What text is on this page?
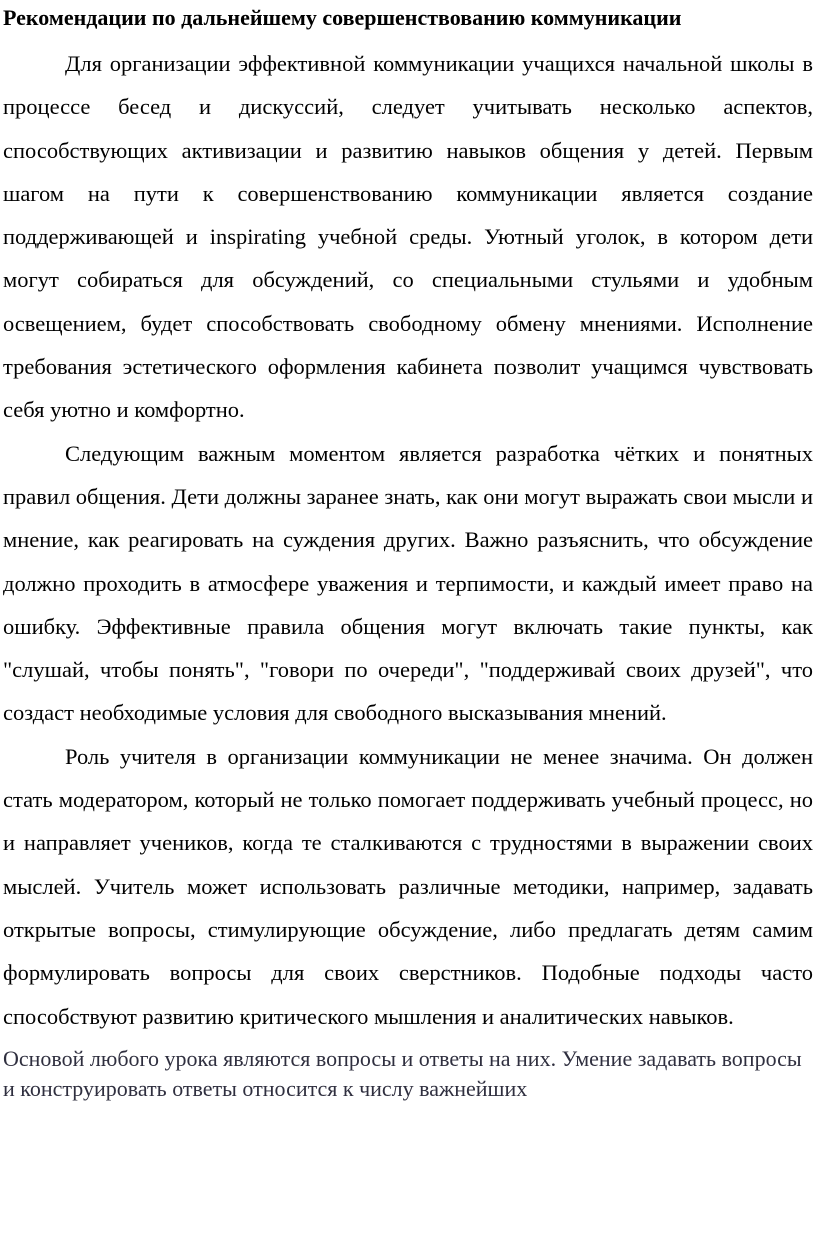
Рекомендации по дальнейшему совершенствованию коммуникации

Для организации эффективной коммуникации учащихся начальной школы в процессе бесед и дискуссий, следует учитывать несколько аспектов, способствующих активизации и развитию навыков общения у детей. Первым шагом на пути к совершенствованию коммуникации является создание поддерживающей и inspirating учебной среды. Уютный уголок, в котором дети могут собираться для обсуждений, со специальными стульями и удобным освещением, будет способствовать свободному обмену мнениями. Исполнение требования эстетического оформления кабинета позволит учащимся чувствовать себя уютно и комфортно.

Следующим важным моментом является разработка чётких и понятных правил общения. Дети должны заранее знать, как они могут выражать свои мысли и мнение, как реагировать на суждения других. Важно разъяснить, что обсуждение должно проходить в атмосфере уважения и терпимости, и каждый имеет право на ошибку. Эффективные правила общения могут включать такие пункты, как "слушай, чтобы понять", "говори по очереди", "поддерживай своих друзей", что создаст необходимые условия для свободного высказывания мнений.

Роль учителя в организации коммуникации не менее значима. Он должен стать модератором, который не только помогает поддерживать учебный процесс, но и направляет учеников, когда те сталкиваются с трудностями в выражении своих мыслей. Учитель может использовать различные методики, например, задавать открытые вопросы, стимулирующие обсуждение, либо предлагать детям самим формулировать вопросы для своих сверстников. Подобные подходы часто способствуют развитию критического мышления и аналитических навыков.

Основой любого урока являются вопросы и ответы на них. Умение задавать вопросы и конструировать ответы относится к числу важнейших
